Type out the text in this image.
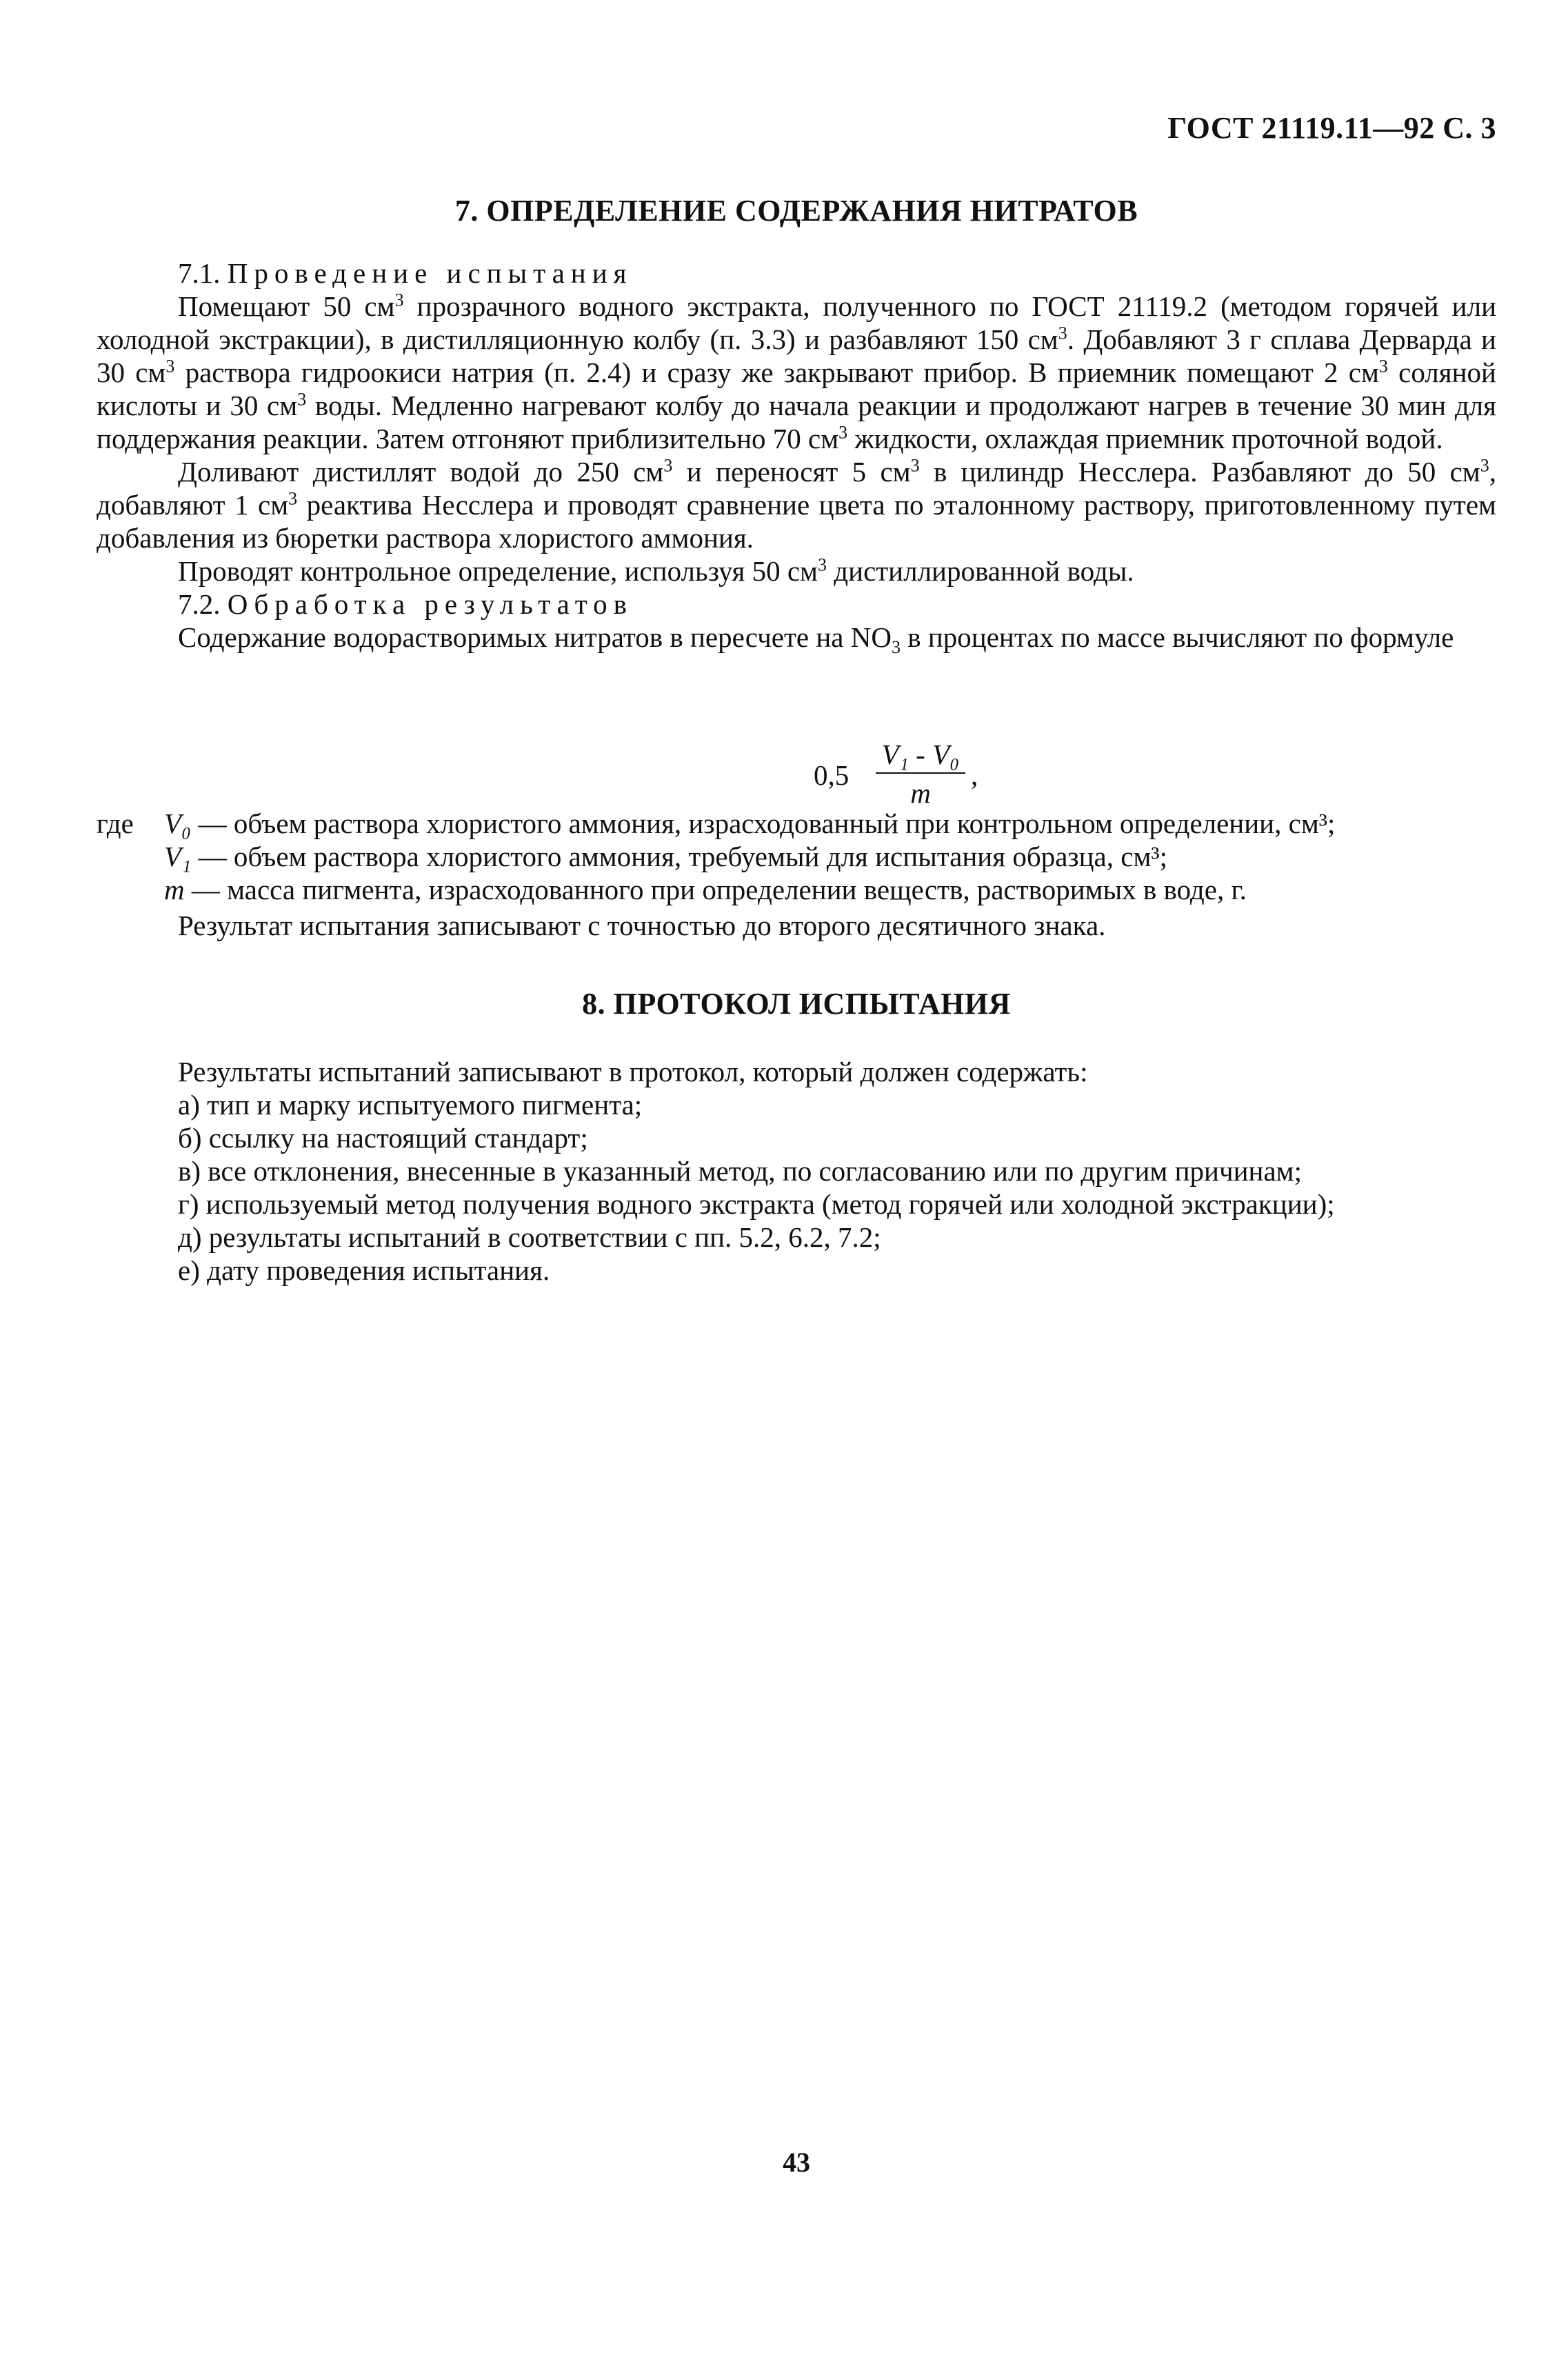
ГОСТ 21119.11—92 С. 3
7. ОПРЕДЕЛЕНИЕ СОДЕРЖАНИЯ НИТРАТОВ

7.1. Проведение испытания

Помещают 50 $см^3$ прозрачного водного экстракта, полученного по ГОСТ 21119.2 (методом горячей или холодной экстракции), в дистилляционную колбу (п. 3.3) и разбавляют 150 $см^3$. Добавляют 3 г сплава Дерварда и 30 $см^3$ раствора гидроокиси натрия (п. 2.4) и сразу же закрывают прибор. В приемник помещают 2 $см^3$ соляной кислоты и 30 $см^3$ воды. Медленно нагревают колбу до начала реакции и продолжают нагрев в течение 30 мин для поддержания реакции. Затем отгоняют приблизительно 70 $см^3$ жидкости, охлаждая приемник проточной водой.

Доливают дистиллят водой до 250 $см^3$ и переносят 5 $см^3$ в цилиндр Несслера. Разбавляют до 50 $см^3$, добавляют 1 $см^3$ реактива Несслера и проводят сравнение цвета по эталонному раствору, приготовленному путем добавления из бюретки раствора хлористого аммония.

Проводят контрольное определение, используя 50 $см^3$ дистиллированной воды.

7.2. Обработка результатов

Содержание водорастворимых нитратов в пересчете на $NO_3$ в процентах по массе вычисляют по формуле

$0,5 \frac{\text{V₁ - V₀}}{m}$ ,
где V₀ — объем раствора хлористого аммония, израсходованный при контрольном определении, см³;
V₁ — объем раствора хлористого аммония, требуемый для испытания образца, см³;
m — масса пигмента, израсходованного при определении веществ, растворимых в воде, г.

Результат испытания записывают с точностью до второго десятичного знака.

8. ПРОТОКОЛ ИСПЫТАНИЯ

Результаты испытаний записывают в протокол, который должен содержать:

а) тип и марку испытуемого пигмента;

б) ссылку на настоящий стандарт;

в) все отклонения, внесенные в указанный метод, по согласованию или по другим причинам;

г) используемый метод получения водного экстракта (метод горячей или холодной экстракции);

д) результаты испытаний в соответствии с пп. 5.2, 6.2, 7.2;

е) дату проведения испытания.

43
